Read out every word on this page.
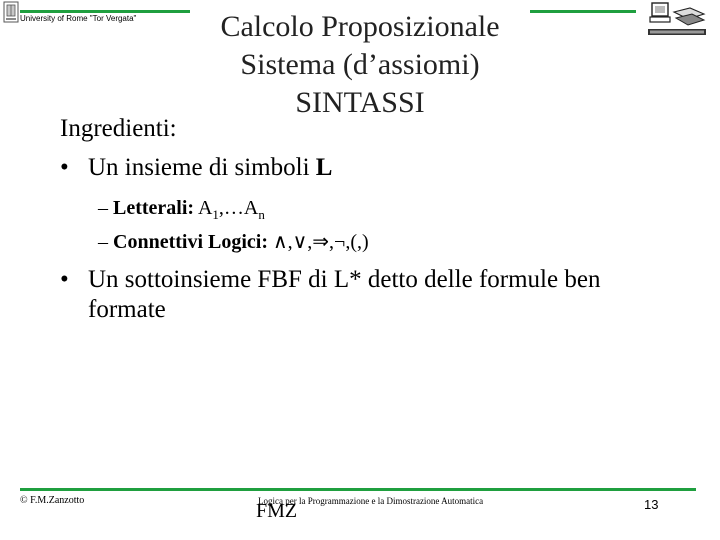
University of Rome "Tor Vergata"	Calcolo Proposizionale
Sistema (d’assiomi)
SINTASSI
Ingredienti:
• Un insieme di simboli L
– Letterali: $A_1,\dots A_n$
– Connettivi Logici: ∧,∨,⇒,¬,(,)
• Un sottoinsieme FBF di L* detto delle formule ben formate
© F.M.Zanzotto	FMZ
Logica per la Programmazione e la Dimostrazione Automatica	13
